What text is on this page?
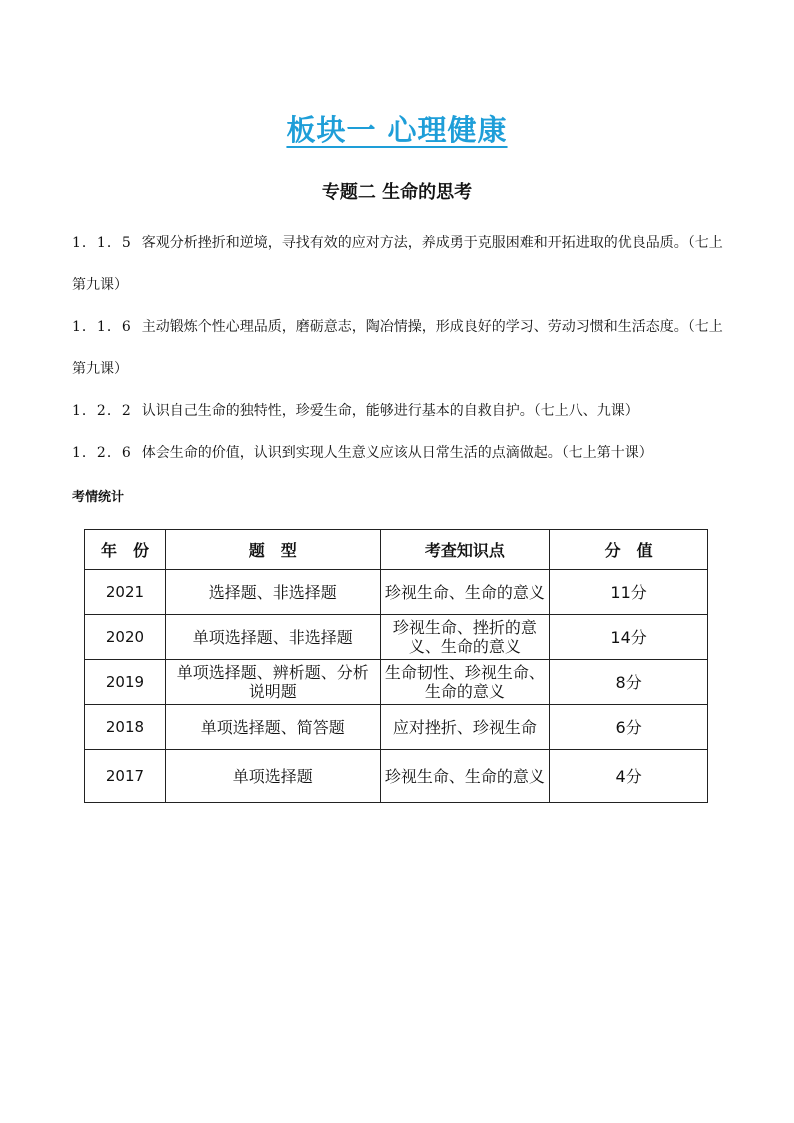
板块一 心理健康
专题二 生命的思考
1．1．5 客观分析挫折和逆境，寻找有效的应对方法，养成勇于克服困难和开拓进取的优良品质。（七上第九课）
1．1．6 主动锻炼个性心理品质，磨砺意志，陶冶情操，形成良好的学习、劳动习惯和生活态度。（七上第九课）
1．2．2 认识自己生命的独特性，珍爱生命，能够进行基本的自救自护。（七上八、九课）
1．2．6 体会生命的价值，认识到实现人生意义应该从日常生活的点滴做起。（七上第十课）
考情统计
年　份	题　型	考查知识点	分　值
2021	选择题、非选择题	珍视生命、生命的意义	11分
2020	单项选择题、非选择题	珍视生命、挫折的意义、生命的意义	14分
2019	单项选择题、辨析题、分析说明题	生命韧性、珍视生命、生命的意义	8分
2018	单项选择题、简答题	应对挫折、珍视生命	6分
2017	单项选择题	珍视生命、生命的意义	4分
